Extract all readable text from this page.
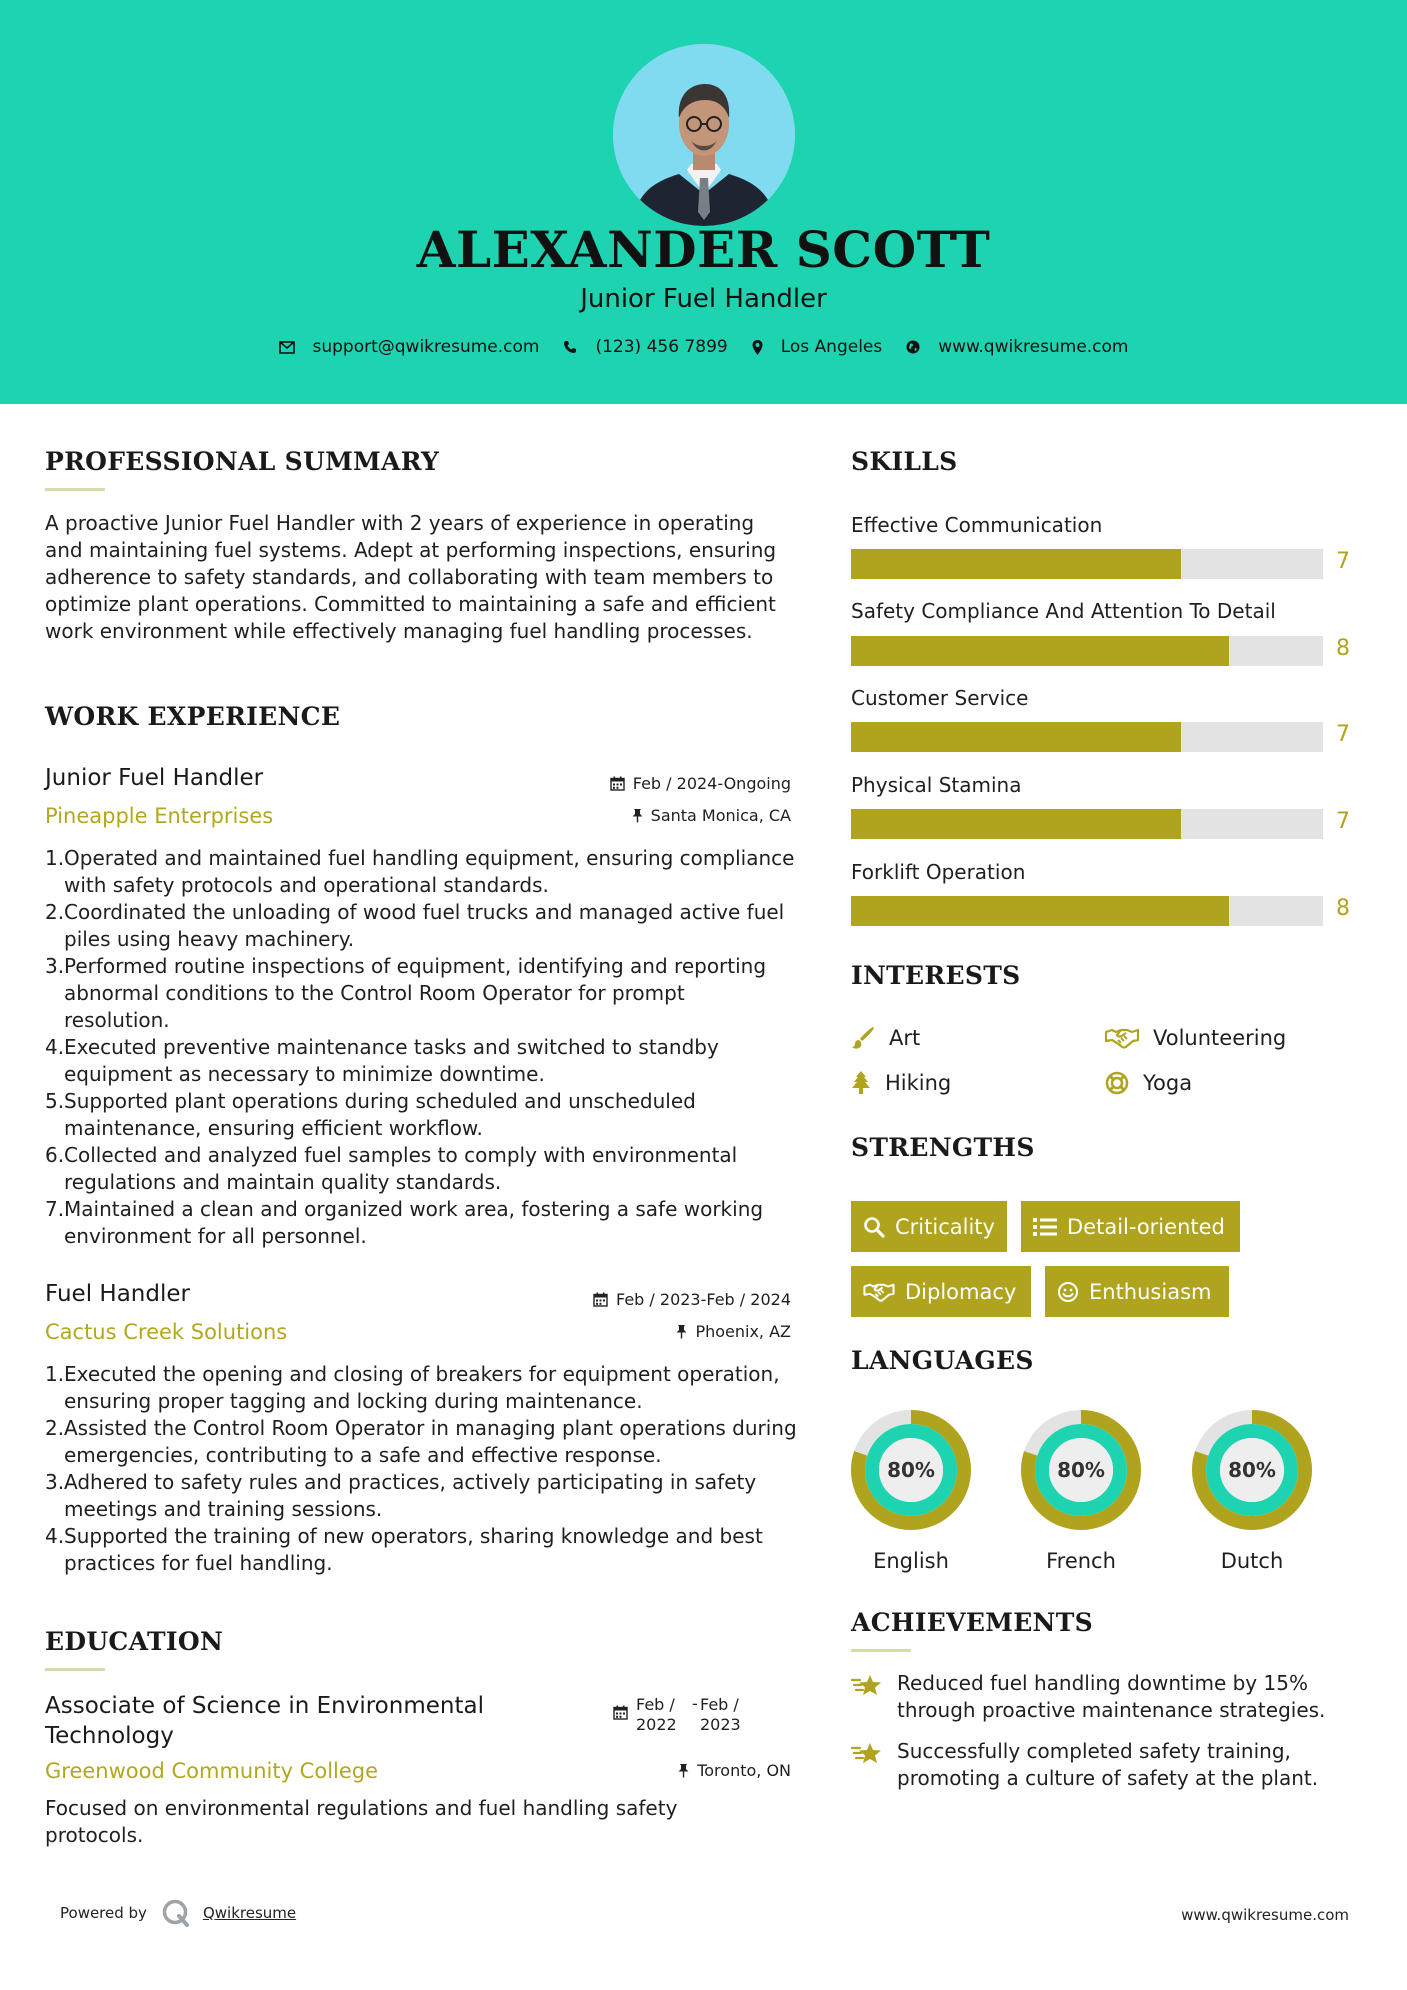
ALEXANDER SCOTT
Junior Fuel Handler
support@qwikresume.com	(123) 456 7899	Los Angeles	www.qwikresume.com
PROFESSIONAL SUMMARY
A proactive Junior Fuel Handler with 2 years of experience in operating and maintaining fuel systems. Adept at performing inspections, ensuring adherence to safety standards, and collaborating with team members to optimize plant operations. Committed to maintaining a safe and efficient work environment while effectively managing fuel handling processes.
WORK EXPERIENCE
Junior Fuel Handler	Feb / 2024-Ongoing
Pineapple Enterprises	Santa Monica, CA
1. Operated and maintained fuel handling equipment, ensuring compliance with safety protocols and operational standards.
2. Coordinated the unloading of wood fuel trucks and managed active fuel piles using heavy machinery.
3. Performed routine inspections of equipment, identifying and reporting abnormal conditions to the Control Room Operator for prompt resolution.
4. Executed preventive maintenance tasks and switched to standby equipment as necessary to minimize downtime.
5. Supported plant operations during scheduled and unscheduled maintenance, ensuring efficient workflow.
6. Collected and analyzed fuel samples to comply with environmental regulations and maintain quality standards.
7. Maintained a clean and organized work area, fostering a safe working environment for all personnel.
Fuel Handler	Feb / 2023-Feb / 2024
Cactus Creek Solutions	Phoenix, AZ
1. Executed the opening and closing of breakers for equipment operation, ensuring proper tagging and locking during maintenance.
2. Assisted the Control Room Operator in managing plant operations during emergencies, contributing to a safe and effective response.
3. Adhered to safety rules and practices, actively participating in safety meetings and training sessions.
4. Supported the training of new operators, sharing knowledge and best practices for fuel handling.
EDUCATION
Associate of Science in Environmental
Technology
Feb /
2022
- Feb /
2023
Greenwood Community College	Toronto, ON
Focused on environmental regulations and fuel handling safety protocols.
SKILLS
Effective Communication
7
Safety Compliance And Attention To Detail
8
Customer Service
7
Physical Stamina
7
Forklift Operation
8
INTERESTS
Art	Volunteering
Hiking	Yoga
STRENGTHS
Criticality	Detail-oriented
Diplomacy	Enthusiasm
LANGUAGES
80%
English
80%
French
80%
Dutch
ACHIEVEMENTS
Reduced fuel handling downtime by 15% through proactive maintenance strategies.
Successfully completed safety training, promoting a culture of safety at the plant.
Powered by	Qwikresume	www.qwikresume.com
